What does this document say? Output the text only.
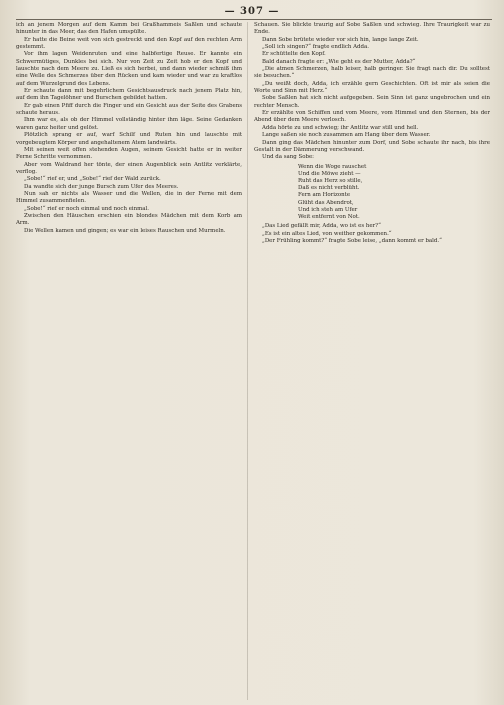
— 307 —

ich an jenem Morgen auf dem Kamm bei Graßhammeis Saßlen und schaute hinunter in das Meer, das den Hafen umspülte.

Er hatte die Beine weit von sich gestreckt und den Kopf auf den rechten Arm gestemmt.

Vor ihm lagen Weidenruten und eine halbfertige Reuse. Er kannte ein Schwermütiges, Dunkles bei sich. Nur von Zeit zu Zeit hob er den Kopf und lauschte nach dem Meere zu. Ließ es sich herbei, und dann wieder schmiß ihm eine Welle des Schmerzes über den Rücken und kam wieder und war zu kraftlos auf dem Wurzelgrund des Lebens.

Er schaute dann mit begehrlichem Gesichtsausdruck nach jenem Platz hin, auf dem ihn Tagelöhner und Burschen gebildet hatten.

Er gab einen Pfiff durch die Finger und ein Gesicht aus der Seite des Grabens schaute heraus.

Ihm war es, als ob der Himmel vollständig hinter ihm läge. Seine Gedanken waren ganz heiter und gelöst.

Plötzlich sprang er auf, warf Schilf und Ruten hin und lauschte mit vorgebeugtem Körper und angehaltenem Atem landwärts.

Mit seinen weit offen stehenden Augen, seinem Gesicht hatte er in weiter Ferne Schritte vernommen.

Aber vom Waldrand her tönte, der einen Augenblick sein Antlitz verklärte, verflog.

„Sobe!“ rief er, und „Sobe!“ rief der Wald zurück.

Da wandte sich der junge Bursch zum Ufer des Meeres.

Nun sah er nichts als Wasser und die Wellen, die in der Ferne mit dem Himmel zusammenfielen.

„Sobe!“ rief er noch einmal und noch einmal.

Zwischen den Häuschen erschien ein blondes Mädchen mit dem Korb am Arm.

Die Wellen kamen und gingen; es war ein leises Rauschen und Murmeln.

Schauen. Sie blickte traurig auf Sobe Saßlen und schwieg. Ihre Traurigkeit war zu Ende.

Dann Sobe brütete wieder vor sich hin, lange lange Zeit.

„Soll ich singen?“ fragte endlich Adda.

Er schüttelte den Kopf.

Bald danach fragte er: „Wie geht es der Mutter, Adda?“

„Die atmen Schmerzen, halb leiser, halb geringer. Sie fragt nach dir. Du solltest sie besuchen.“

„Du weißt doch, Adda, ich erzähle gern Geschichten. Oft ist mir als seien die Worte und Sinn mit Herz.“

Sobe Saßlen hat sich nicht aufgegeben. Sein Sinn ist ganz ungebrochen und ein rechter Mensch.

Er erzählte von Schiffen und vom Meere, vom Himmel und den Sternen, bis der Abend über dem Meere verlosch.

Adda hörte zu und schwieg; ihr Antlitz war still und hell.

Lange saßen sie noch zusammen am Hang über dem Wasser.

Dann ging das Mädchen hinunter zum Dorf, und Sobe schaute ihr nach, bis ihre Gestalt in der Dämmerung verschwand.

Und da sang Sobe:

Wenn die Woge rauschet
Und die Möwe zieht —
Ruht das Herz so stille,
Daß es nicht verblüht.
Fern am Horizonte
Glüht das Abendrot,
Und ich steh am Ufer
Weit entfernt von Not.

„Das Lied gefällt mir, Adda, wo ist es her?“

„Es ist ein altes Lied, von weither gekommen.“

„Der Frühling kommt?“ fragte Sobe leise, „dann kommt er bald.“
